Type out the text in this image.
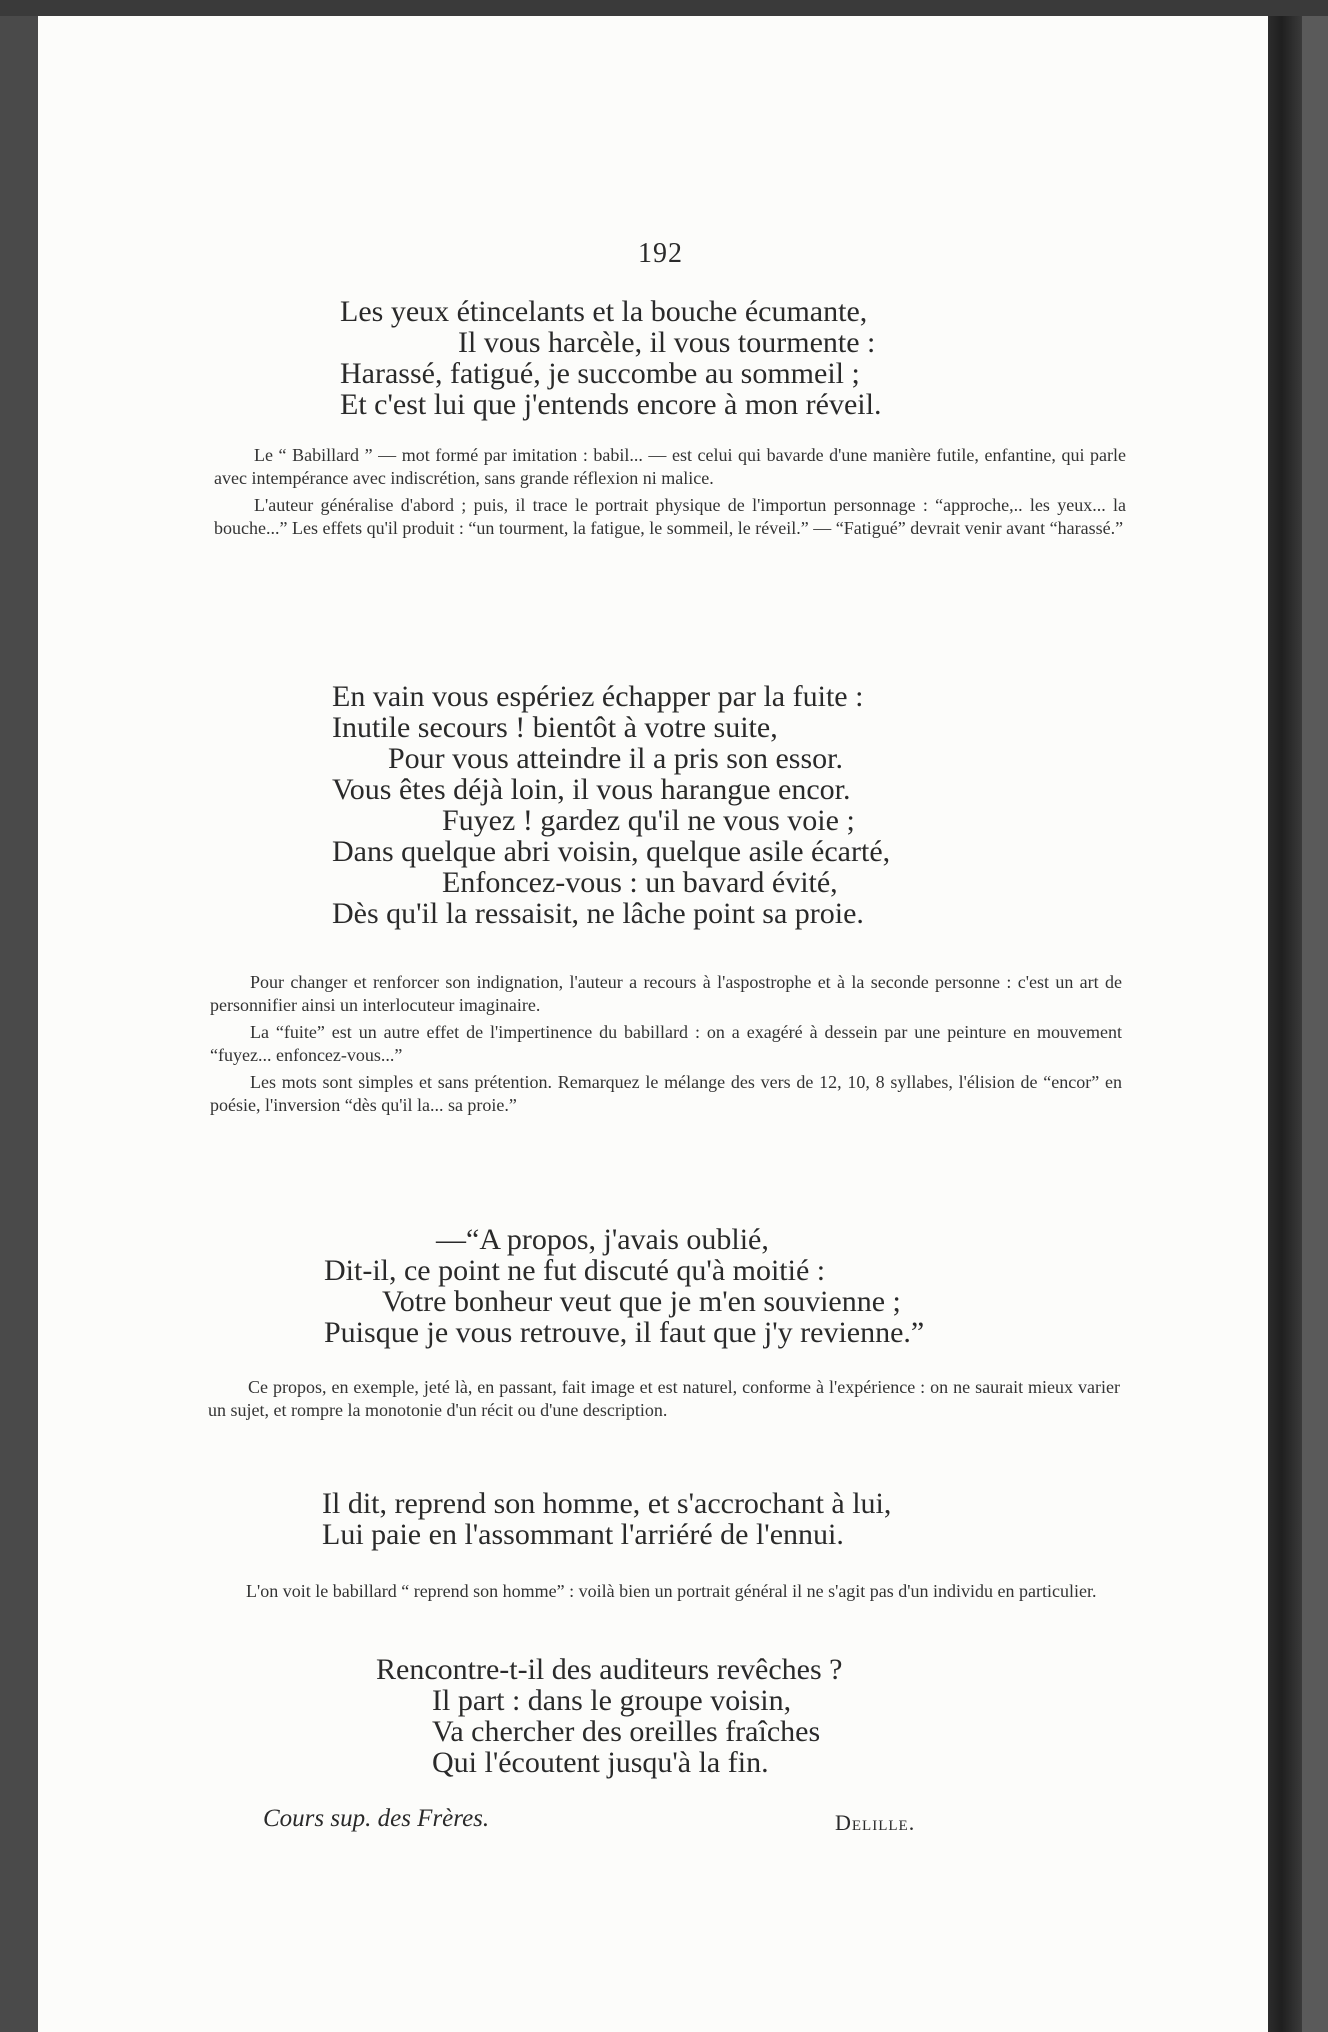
192
Les yeux étincelants et la bouche écumante,
Il vous harcèle, il vous tourmente :
Harassé, fatigué, je succombe au sommeil ;
Et c'est lui que j'entends encore à mon réveil.

Le “ Babillard ” — mot formé par imitation : babil... — est celui qui bavarde d'une manière futile, enfantine, qui parle avec intempérance avec indiscrétion, sans grande réflexion ni malice.

L'auteur généralise d'abord ; puis, il trace le portrait physique de l'importun personnage : “approche,.. les yeux... la bouche...” Les effets qu'il produit : “un tourment, la fatigue, le sommeil, le réveil.” — “Fatigué” devrait venir avant “harassé.”

En vain vous espériez échapper par la fuite :
Inutile secours ! bientôt à votre suite,
Pour vous atteindre il a pris son essor.
Vous êtes déjà loin, il vous harangue encor.
Fuyez ! gardez qu'il ne vous voie ;
Dans quelque abri voisin, quelque asile écarté,
Enfoncez-vous : un bavard évité,
Dès qu'il la ressaisit, ne lâche point sa proie.

Pour changer et renforcer son indignation, l'auteur a recours à l'aspostrophe et à la seconde personne : c'est un art de personnifier ainsi un interlocuteur imaginaire.

La “fuite” est un autre effet de l'impertinence du babillard : on a exagéré à dessein par une peinture en mouvement “fuyez... enfoncez-vous...”

Les mots sont simples et sans prétention. Remarquez le mélange des vers de 12, 10, 8 syllabes, l'élision de “encor” en poésie, l'inversion “dès qu'il la... sa proie.”

—“A propos, j'avais oublié,
Dit-il, ce point ne fut discuté qu'à moitié :
Votre bonheur veut que je m'en souvienne ;
Puisque je vous retrouve, il faut que j'y revienne.”

Ce propos, en exemple, jeté là, en passant, fait image et est naturel, conforme à l'expérience : on ne saurait mieux varier un sujet, et rompre la monotonie d'un récit ou d'une description.

Il dit, reprend son homme, et s'accrochant à lui,
Lui paie en l'assommant l'arriéré de l'ennui.

L'on voit le babillard “ reprend son homme” : voilà bien un portrait général il ne s'agit pas d'un individu en particulier.

Rencontre-t-il des auditeurs revêches ?
Il part : dans le groupe voisin,
Va chercher des oreilles fraîches
Qui l'écoutent jusqu'à la fin.
Cours sup. des Frères.	Delille.
